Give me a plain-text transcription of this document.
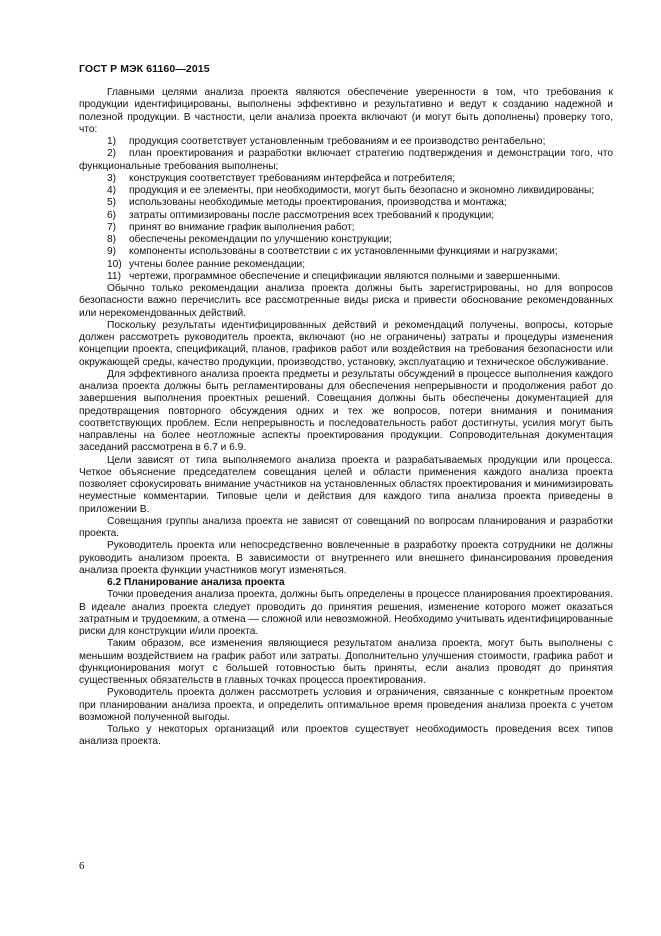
ГОСТ Р МЭК 61160—2015

Главными целями анализа проекта являются обеспечение уверенности в том, что требования к продукции идентифицированы, выполнены эффективно и результативно и ведут к созданию надежной и полезной продукции. В частности, цели анализа проекта включают (и могут быть дополнены) проверку того, что:

1) продукция соответствует установленным требованиям и ее производство рентабельно;

2) план проектирования и разработки включает стратегию подтверждения и демонстрации того, что функциональные требования выполнены;

3) конструкция соответствует требованиям интерфейса и потребителя;

4) продукция и ее элементы, при необходимости, могут быть безопасно и экономно ликвидированы;

5) использованы необходимые методы проектирования, производства и монтажа;

6) затраты оптимизированы после рассмотрения всех требований к продукции;

7) принят во внимание график выполнения работ;

8) обеспечены рекомендации по улучшению конструкции;

9) компоненты использованы в соответствии с их установленными функциями и нагрузками;

10) учтены более ранние рекомендации;

11) чертежи, программное обеспечение и спецификации являются полными и завершенными.

Обычно только рекомендации анализа проекта должны быть зарегистрированы, но для вопросов безопасности важно перечислить все рассмотренные виды риска и привести обоснование рекомендованных или нерекомендованных действий.

Поскольку результаты идентифицированных действий и рекомендаций получены, вопросы, которые должен рассмотреть руководитель проекта, включают (но не ограничены) затраты и процедуры изменения концепции проекта, спецификаций, планов, графиков работ или воздействия на требования безопасности или окружающей среды, качество продукции, производство, установку, эксплуатацию и техническое обслуживание.

Для эффективного анализа проекта предметы и результаты обсуждений в процессе выполнения каждого анализа проекта должны быть регламентированы для обеспечения непрерывности и продолжения работ до завершения выполнения проектных решений. Совещания должны быть обеспечены документацией для предотвращения повторного обсуждения одних и тех же вопросов, потери внимания и понимания соответствующих проблем. Если непрерывность и последовательность работ достигнуты, усилия могут быть направлены на более неотложные аспекты проектирования продукции. Сопроводительная документация заседаний рассмотрена в 6.7 и 6.9.

Цели зависят от типа выполняемого анализа проекта и разрабатываемых продукции или процесса. Четкое объяснение председателем совещания целей и области применения каждого анализа проекта позволяет сфокусировать внимание участников на установленных областях проектирования и минимизировать неуместные комментарии. Типовые цели и действия для каждого типа анализа проекта приведены в приложении В.

Совещания группы анализа проекта не зависят от совещаний по вопросам планирования и разработки проекта.

Руководитель проекта или непосредственно вовлеченные в разработку проекта сотрудники не должны руководить анализом проекта. В зависимости от внутреннего или внешнего финансирования проведения анализа проекта функции участников могут изменяться.

6.2 Планирование анализа проекта

Точки проведения анализа проекта, должны быть определены в процессе планирования проектирования. В идеале анализ проекта следует проводить до принятия решения, изменение которого может оказаться затратным и трудоемким, а отмена — сложной или невозможной. Необходимо учитывать идентифицированные риски для конструкции и/или проекта.

Таким образом, все изменения являющиеся результатом анализа проекта, могут быть выполнены с меньшим воздействием на график работ или затраты. Дополнительно улучшения стоимости, графика работ и функционирования могут с большей готовностью быть приняты, если анализ проводят до принятия существенных обязательств в главных точках процесса проектирования.

Руководитель проекта должен рассмотреть условия и ограничения, связанные с конкретным проектом при планировании анализа проекта, и определить оптимальное время проведения анализа проекта с учетом возможной полученной выгоды.

Только у некоторых организаций или проектов существует необходимость проведения всех типов анализа проекта.

6
